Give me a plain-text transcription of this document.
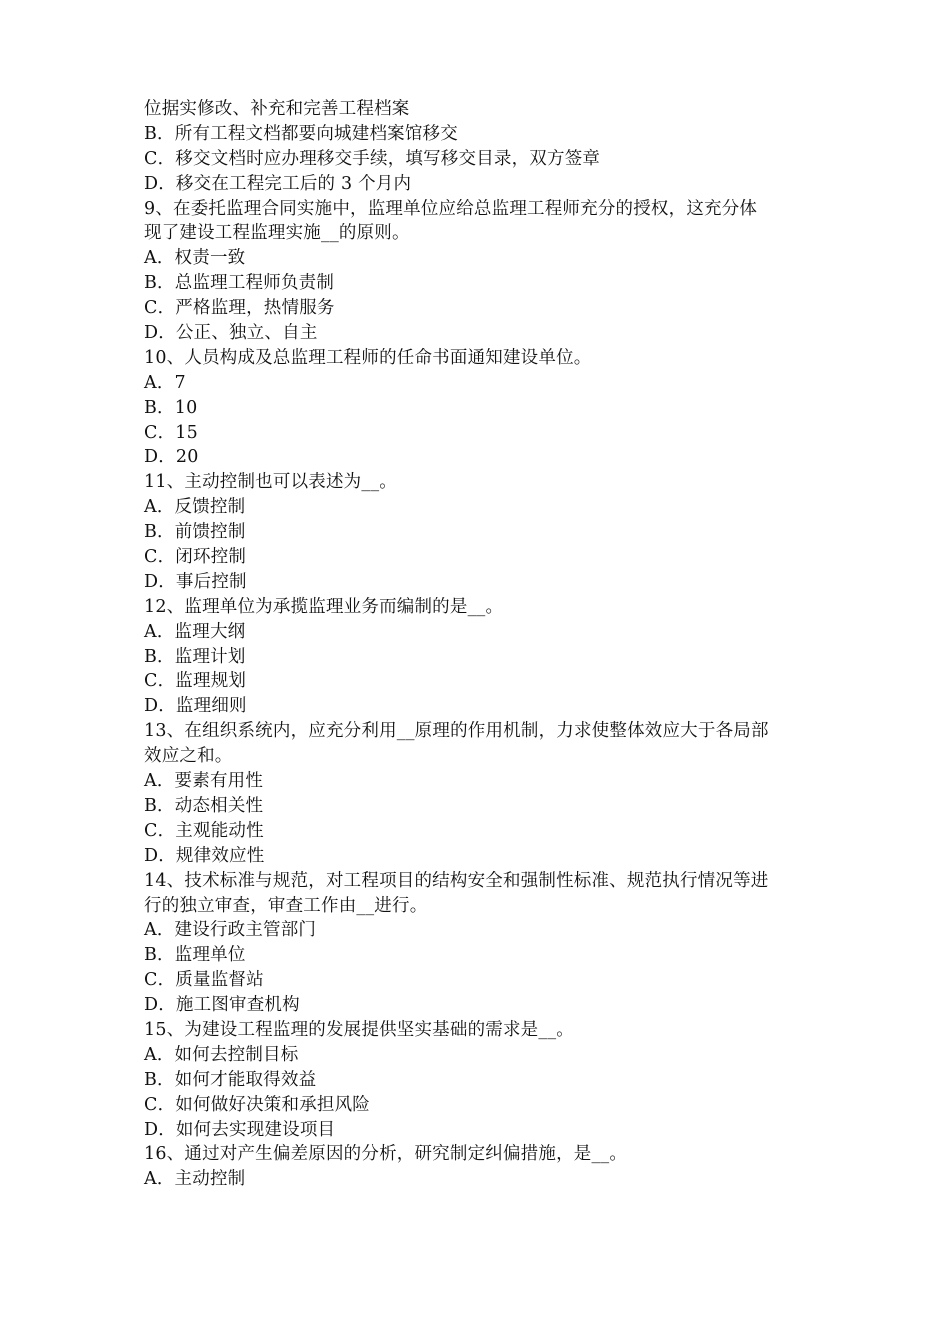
位据实修改、补充和完善工程档案
B．所有工程文档都要向城建档案馆移交
C．移交文档时应办理移交手续，填写移交目录，双方签章
D．移交在工程完工后的 3 个月内
9、在委托监理合同实施中，监理单位应给总监理工程师充分的授权，这充分体
现了建设工程监理实施__的原则。
A．权责一致
B．总监理工程师负责制
C．严格监理，热情服务
D．公正、独立、自主
10、人员构成及总监理工程师的任命书面通知建设单位。
A．7
B．10
C．15
D．20
11、主动控制也可以表述为__。
A．反馈控制
B．前馈控制
C．闭环控制
D．事后控制
12、监理单位为承揽监理业务而编制的是__。
A．监理大纲
B．监理计划
C．监理规划
D．监理细则
13、在组织系统内，应充分利用__原理的作用机制，力求使整体效应大于各局部
效应之和。
A．要素有用性
B．动态相关性
C．主观能动性
D．规律效应性
14、技术标准与规范，对工程项目的结构安全和强制性标准、规范执行情况等进
行的独立审查，审查工作由__进行。
A．建设行政主管部门
B．监理单位
C．质量监督站
D．施工图审查机构
15、为建设工程监理的发展提供坚实基础的需求是__。
A．如何去控制目标
B．如何才能取得效益
C．如何做好决策和承担风险
D．如何去实现建设项目
16、通过对产生偏差原因的分析，研究制定纠偏措施，是__。
A．主动控制
